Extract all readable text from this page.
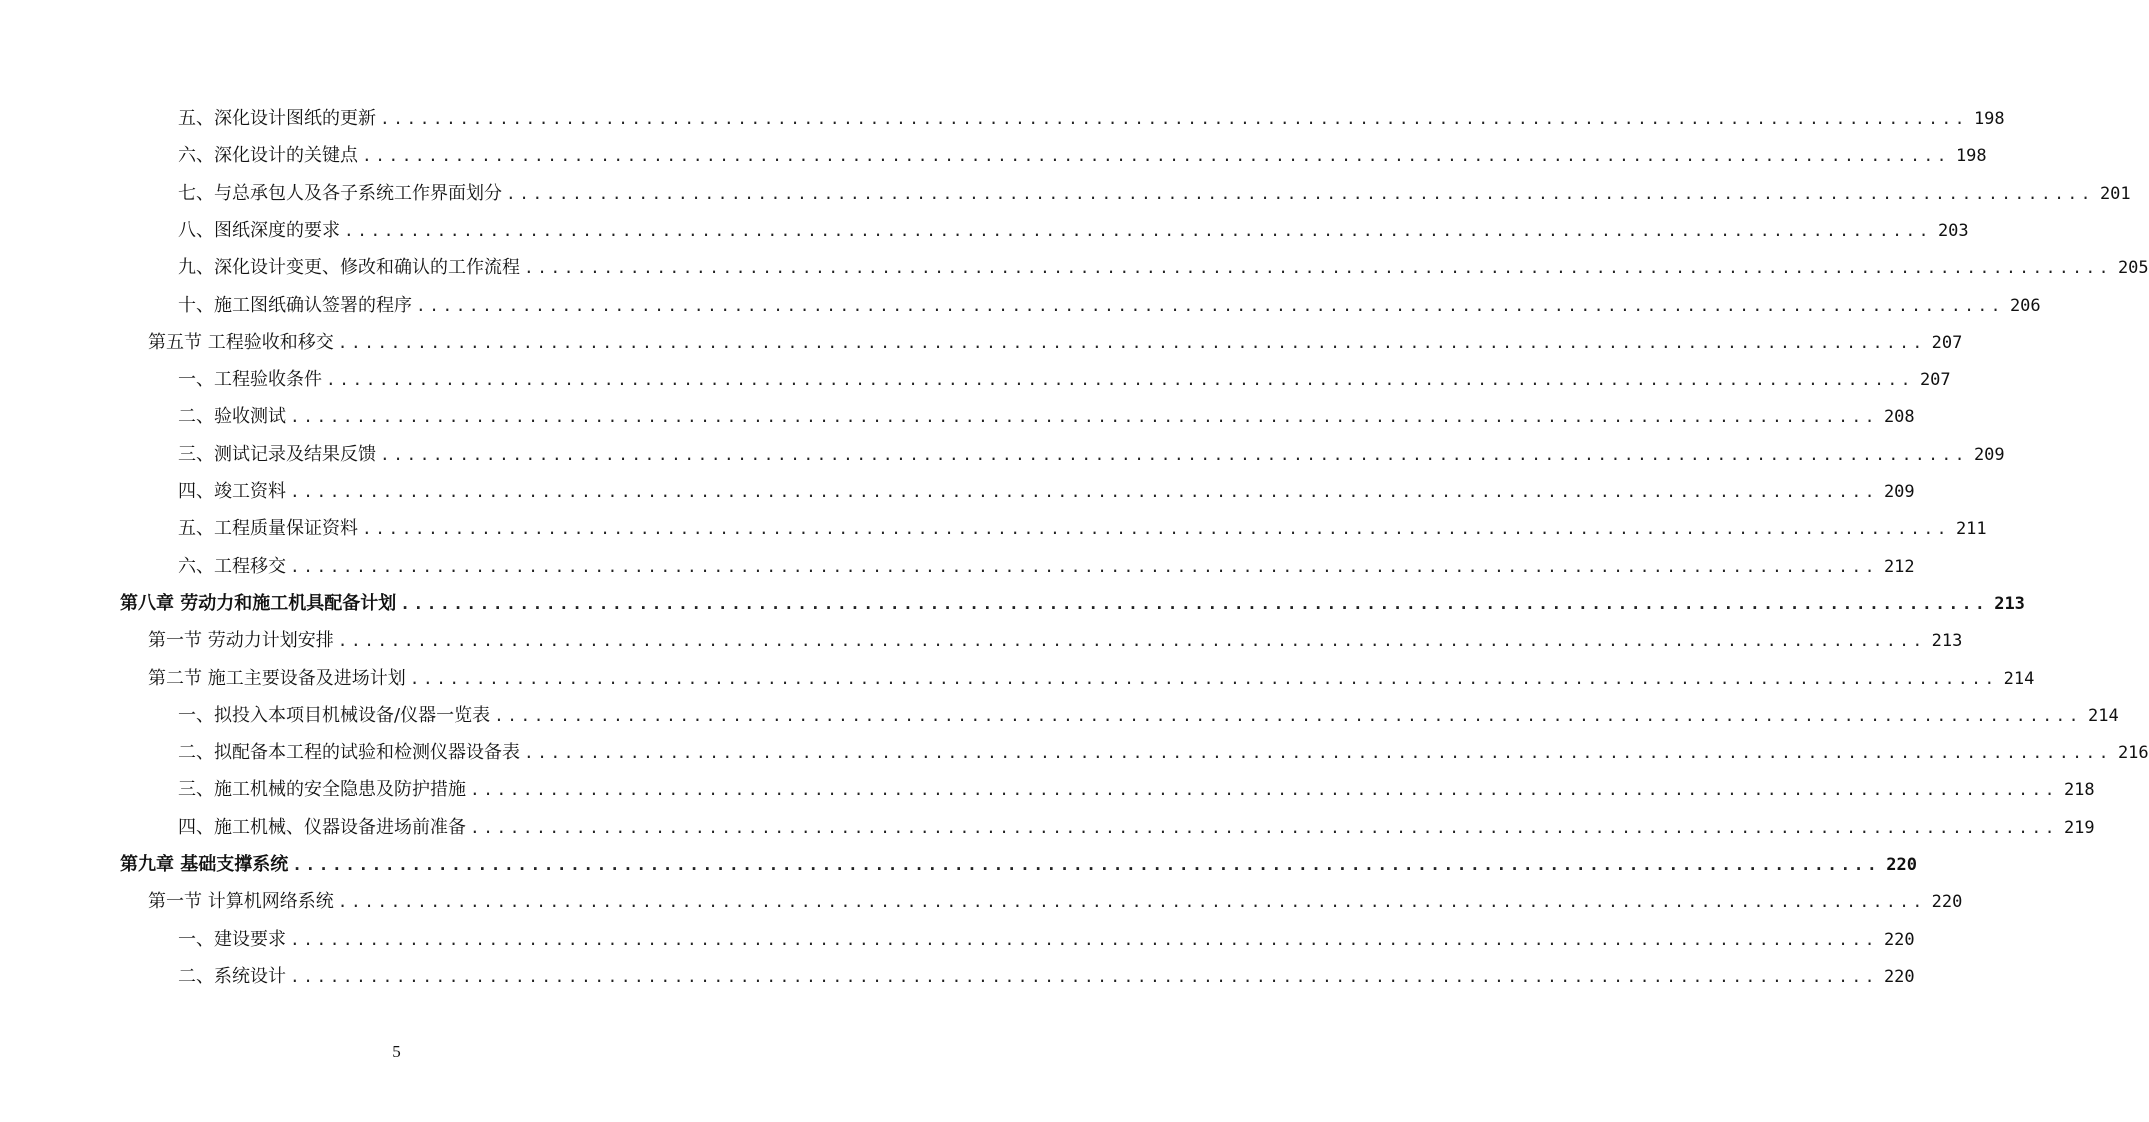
五、深化设计图纸的更新 ........................................................................................................................ 198
六、深化设计的关键点 ........................................................................................................................ 198
七、与总承包人及各子系统工作界面划分 ........................................................................................................................ 201
八、图纸深度的要求 ........................................................................................................................ 203
九、深化设计变更、修改和确认的工作流程 ........................................................................................................................ 205
十、施工图纸确认签署的程序 ........................................................................................................................ 206
第五节 工程验收和移交 ........................................................................................................................ 207
一、工程验收条件 ........................................................................................................................ 207
二、验收测试 ........................................................................................................................ 208
三、测试记录及结果反馈 ........................................................................................................................ 209
四、竣工资料 ........................................................................................................................ 209
五、工程质量保证资料 ........................................................................................................................ 211
六、工程移交 ........................................................................................................................ 212
第八章 劳动力和施工机具配备计划 ........................................................................................................................ 213
第一节 劳动力计划安排 ........................................................................................................................ 213
第二节 施工主要设备及进场计划 ........................................................................................................................ 214
一、拟投入本项目机械设备/仪器一览表 ........................................................................................................................ 214
二、拟配备本工程的试验和检测仪器设备表 ........................................................................................................................ 216
三、施工机械的安全隐患及防护措施 ........................................................................................................................ 218
四、施工机械、仪器设备进场前准备 ........................................................................................................................ 219
第九章 基础支撑系统 ........................................................................................................................ 220
第一节 计算机网络系统 ........................................................................................................................ 220
一、建设要求 ........................................................................................................................ 220
二、系统设计 ........................................................................................................................ 220
5
